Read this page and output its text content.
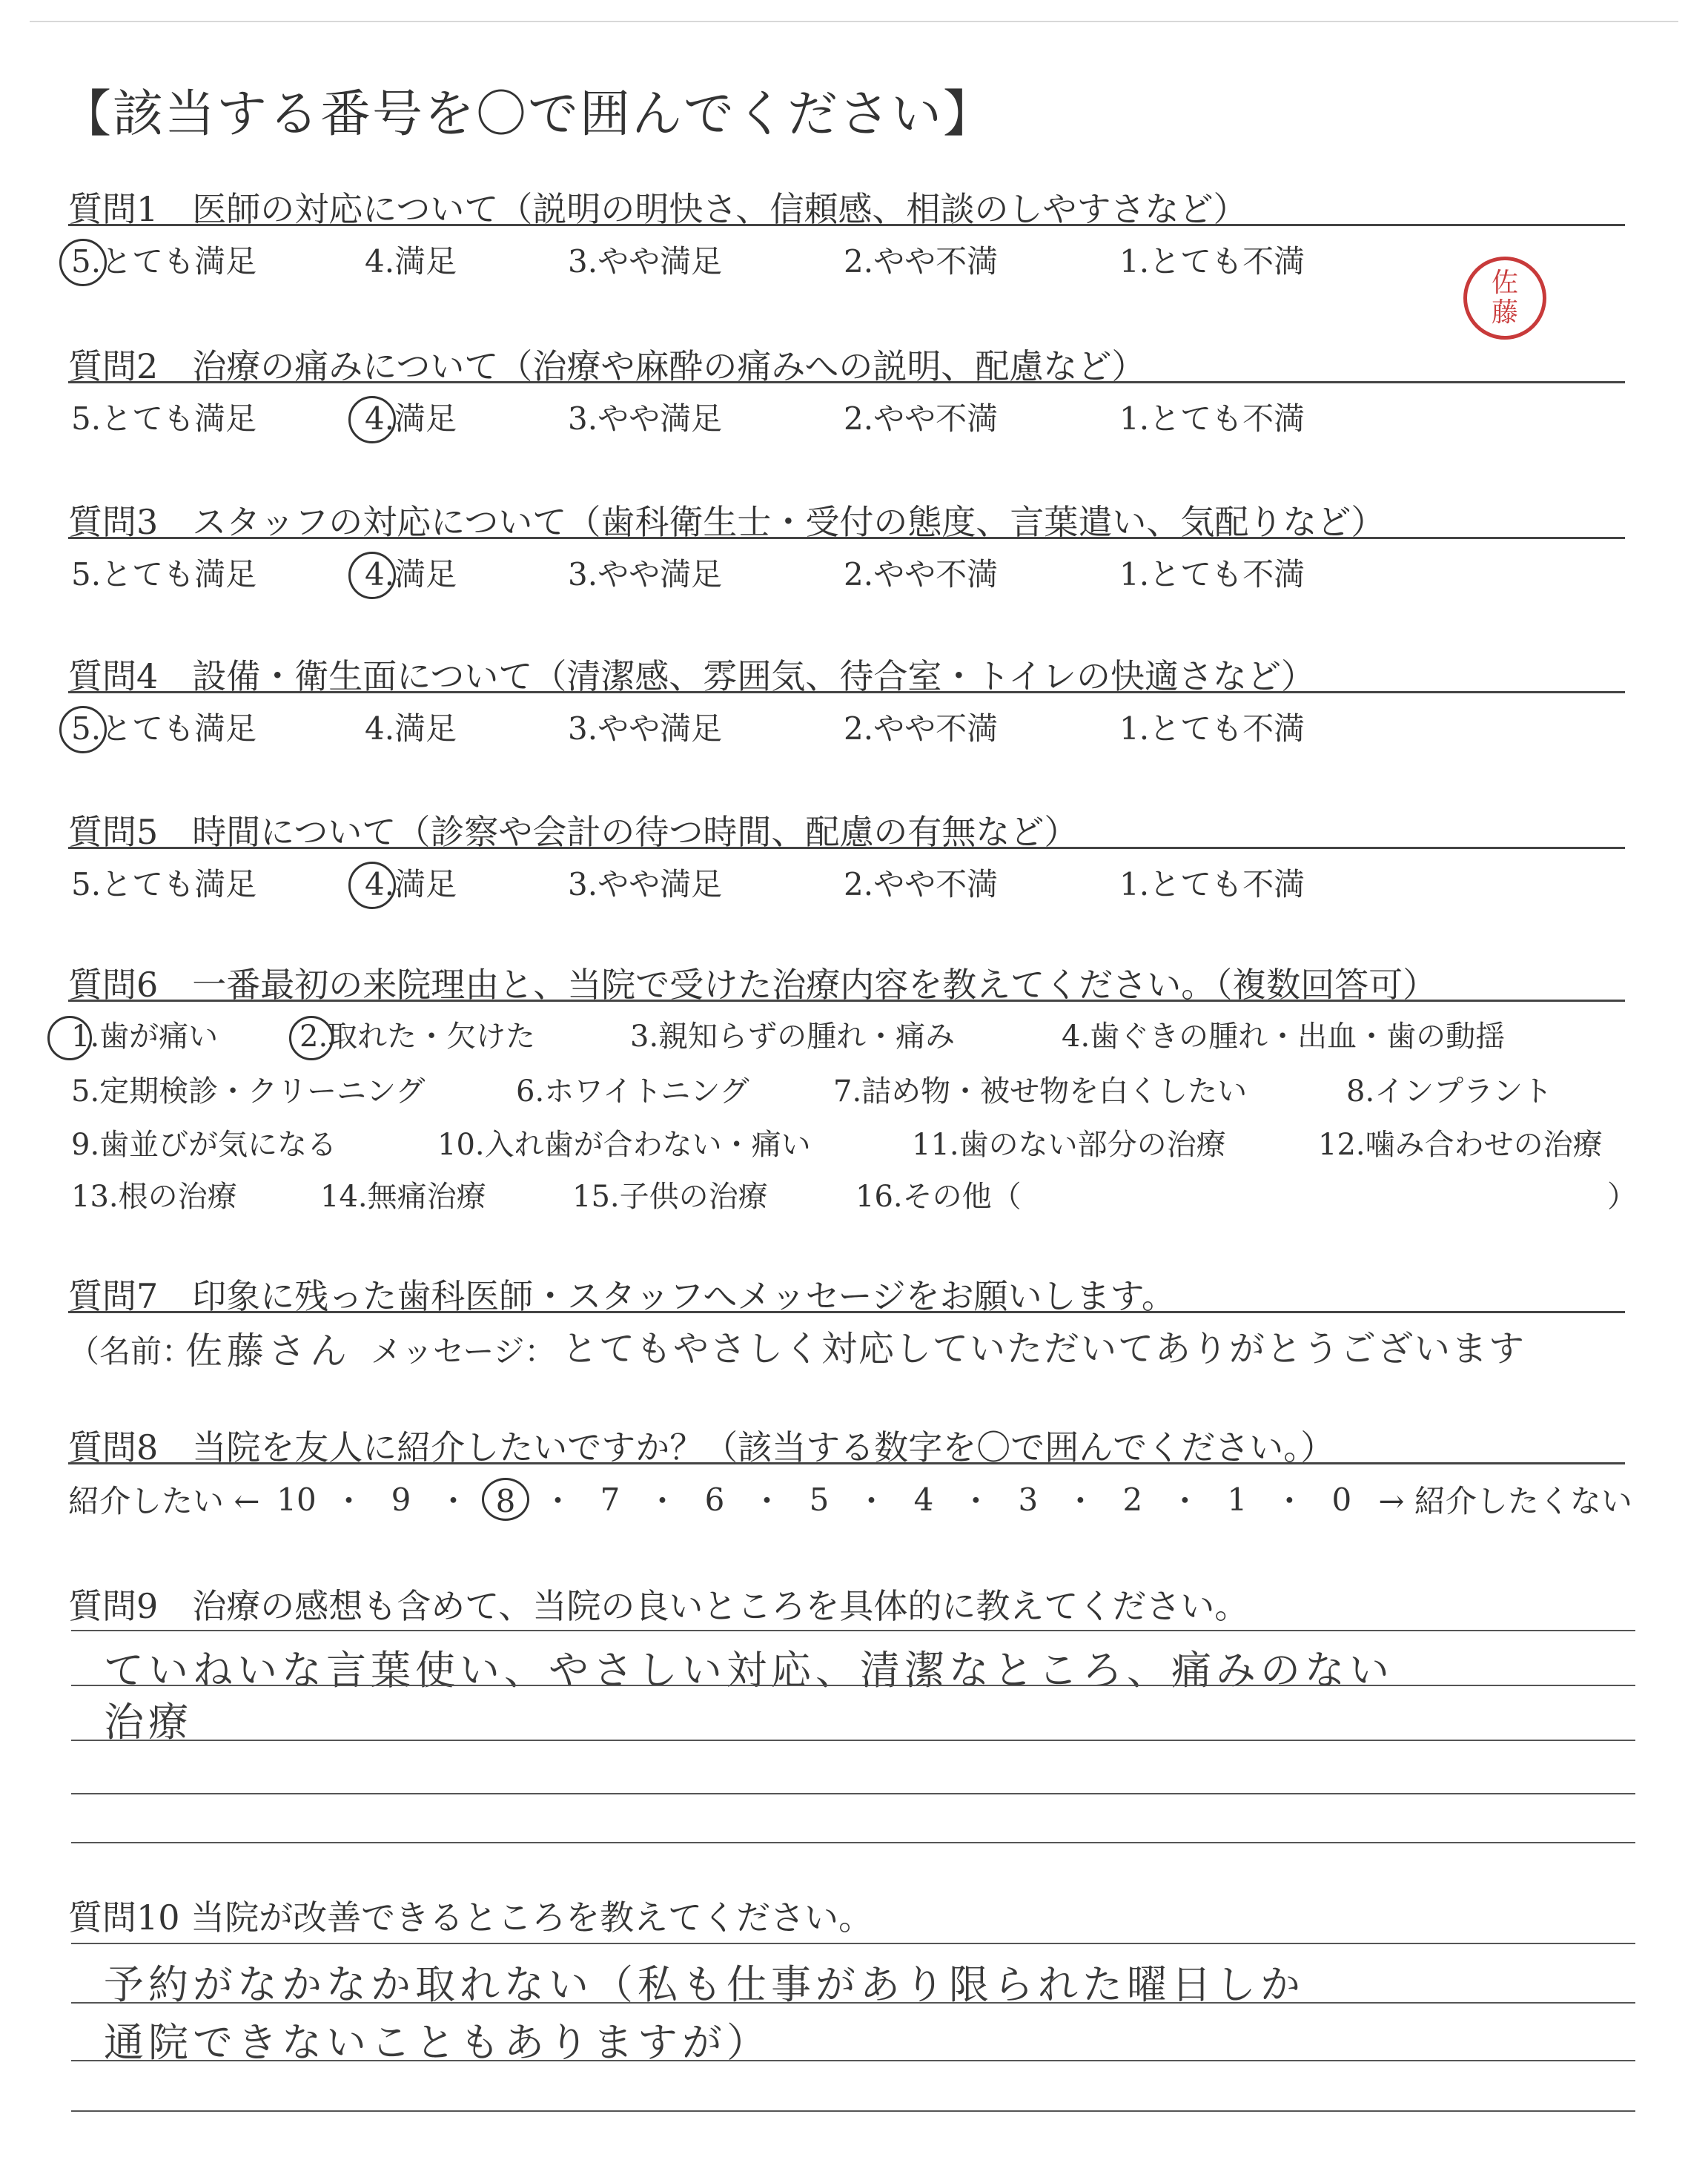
【該当する番号を〇で囲んでください】
質問1　医師の対応について（説明の明快さ、信頼感、相談のしやすさなど）
5.とても満足	4.満足	3.やや満足	2.やや不満	1.とても不満
佐
藤
質問2　治療の痛みについて（治療や麻酔の痛みへの説明、配慮など）
5.とても満足	4.満足	3.やや満足	2.やや不満	1.とても不満
質問3　スタッフの対応について（歯科衛生士・受付の態度、言葉遣い、気配りなど）
5.とても満足	4.満足	3.やや満足	2.やや不満	1.とても不満
質問4　設備・衛生面について（清潔感、雰囲気、待合室・トイレの快適さなど）
5.とても満足	4.満足	3.やや満足	2.やや不満	1.とても不満
質問5　時間について（診察や会計の待つ時間、配慮の有無など）
5.とても満足	4.満足	3.やや満足	2.やや不満	1.とても不満
質問6　一番最初の来院理由と、当院で受けた治療内容を教えてください。（複数回答可）
1.歯が痛い	2.取れた・欠けた	3.親知らずの腫れ・痛み	4.歯ぐきの腫れ・出血・歯の動揺
5.定期検診・クリーニング	6.ホワイトニング	7.詰め物・被せ物を白くしたい	8.インプラント
9.歯並びが気になる	10.入れ歯が合わない・痛い	11.歯のない部分の治療	12.噛み合わせの治療
13.根の治療	14.無痛治療	15.子供の治療	16.その他（	）
質問7　印象に残った歯科医師・スタッフへメッセージをお願いします。
（名前：
佐藤さん メッセージ： とてもやさしく対応していただいてありがとうございます
質問8　当院を友人に紹介したいですか？（該当する数字を〇で囲んでください。）
紹介したい ← 10 ・ 9 ・ 8 ・ 7 ・ 6 ・ 5 ・ 4 ・ 3 ・ 2 ・ 1 ・ 0 → 紹介したくない
質問9　治療の感想も含めて、当院の良いところを具体的に教えてください。
ていねいな言葉使い、やさしい対応、清潔なところ、痛みのない
治療
質問10 当院が改善できるところを教えてください。
予約がなかなか取れない（私も仕事があり限られた曜日しか
通院できないこともありますが）
